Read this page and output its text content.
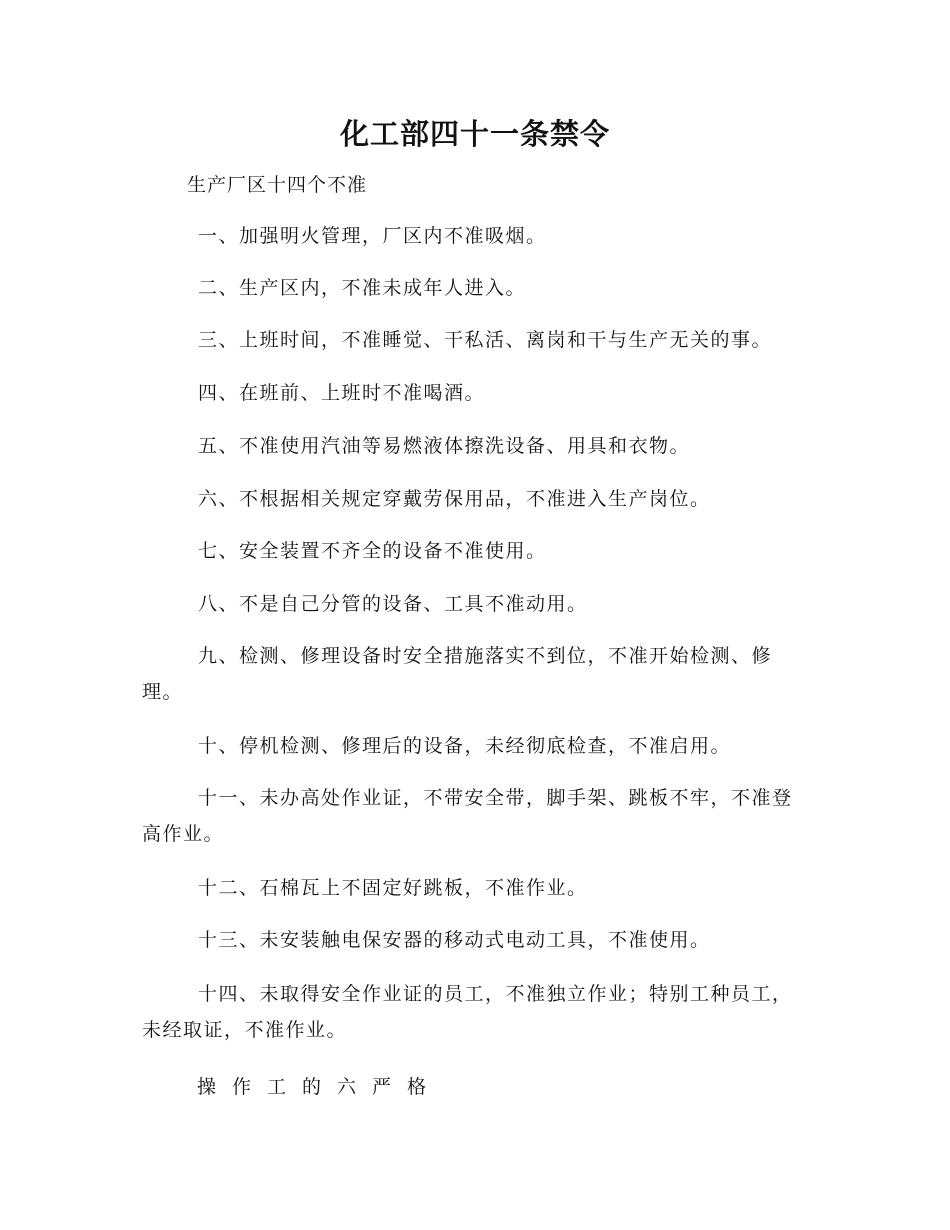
化工部四十一条禁令
生产厂区十四个不准
一、加强明火管理，厂区内不准吸烟。
二、生产区内，不准未成年人进入。
三、上班时间，不准睡觉、干私活、离岗和干与生产无关的事。
四、在班前、上班时不准喝酒。
五、不准使用汽油等易燃液体擦洗设备、用具和衣物。
六、不根据相关规定穿戴劳保用品，不准进入生产岗位。
七、安全装置不齐全的设备不准使用。
八、不是自己分管的设备、工具不准动用。
九、检测、修理设备时安全措施落实不到位，不准开始检测、修理。
十、停机检测、修理后的设备，未经彻底检查，不准启用。
十一、未办高处作业证，不带安全带，脚手架、跳板不牢，不准登高作业。
十二、石棉瓦上不固定好跳板，不准作业。
十三、未安装触电保安器的移动式电动工具，不准使用。
十四、未取得安全作业证的员工，不准独立作业；特别工种员工，未经取证，不准作业。
操作工的六严格
